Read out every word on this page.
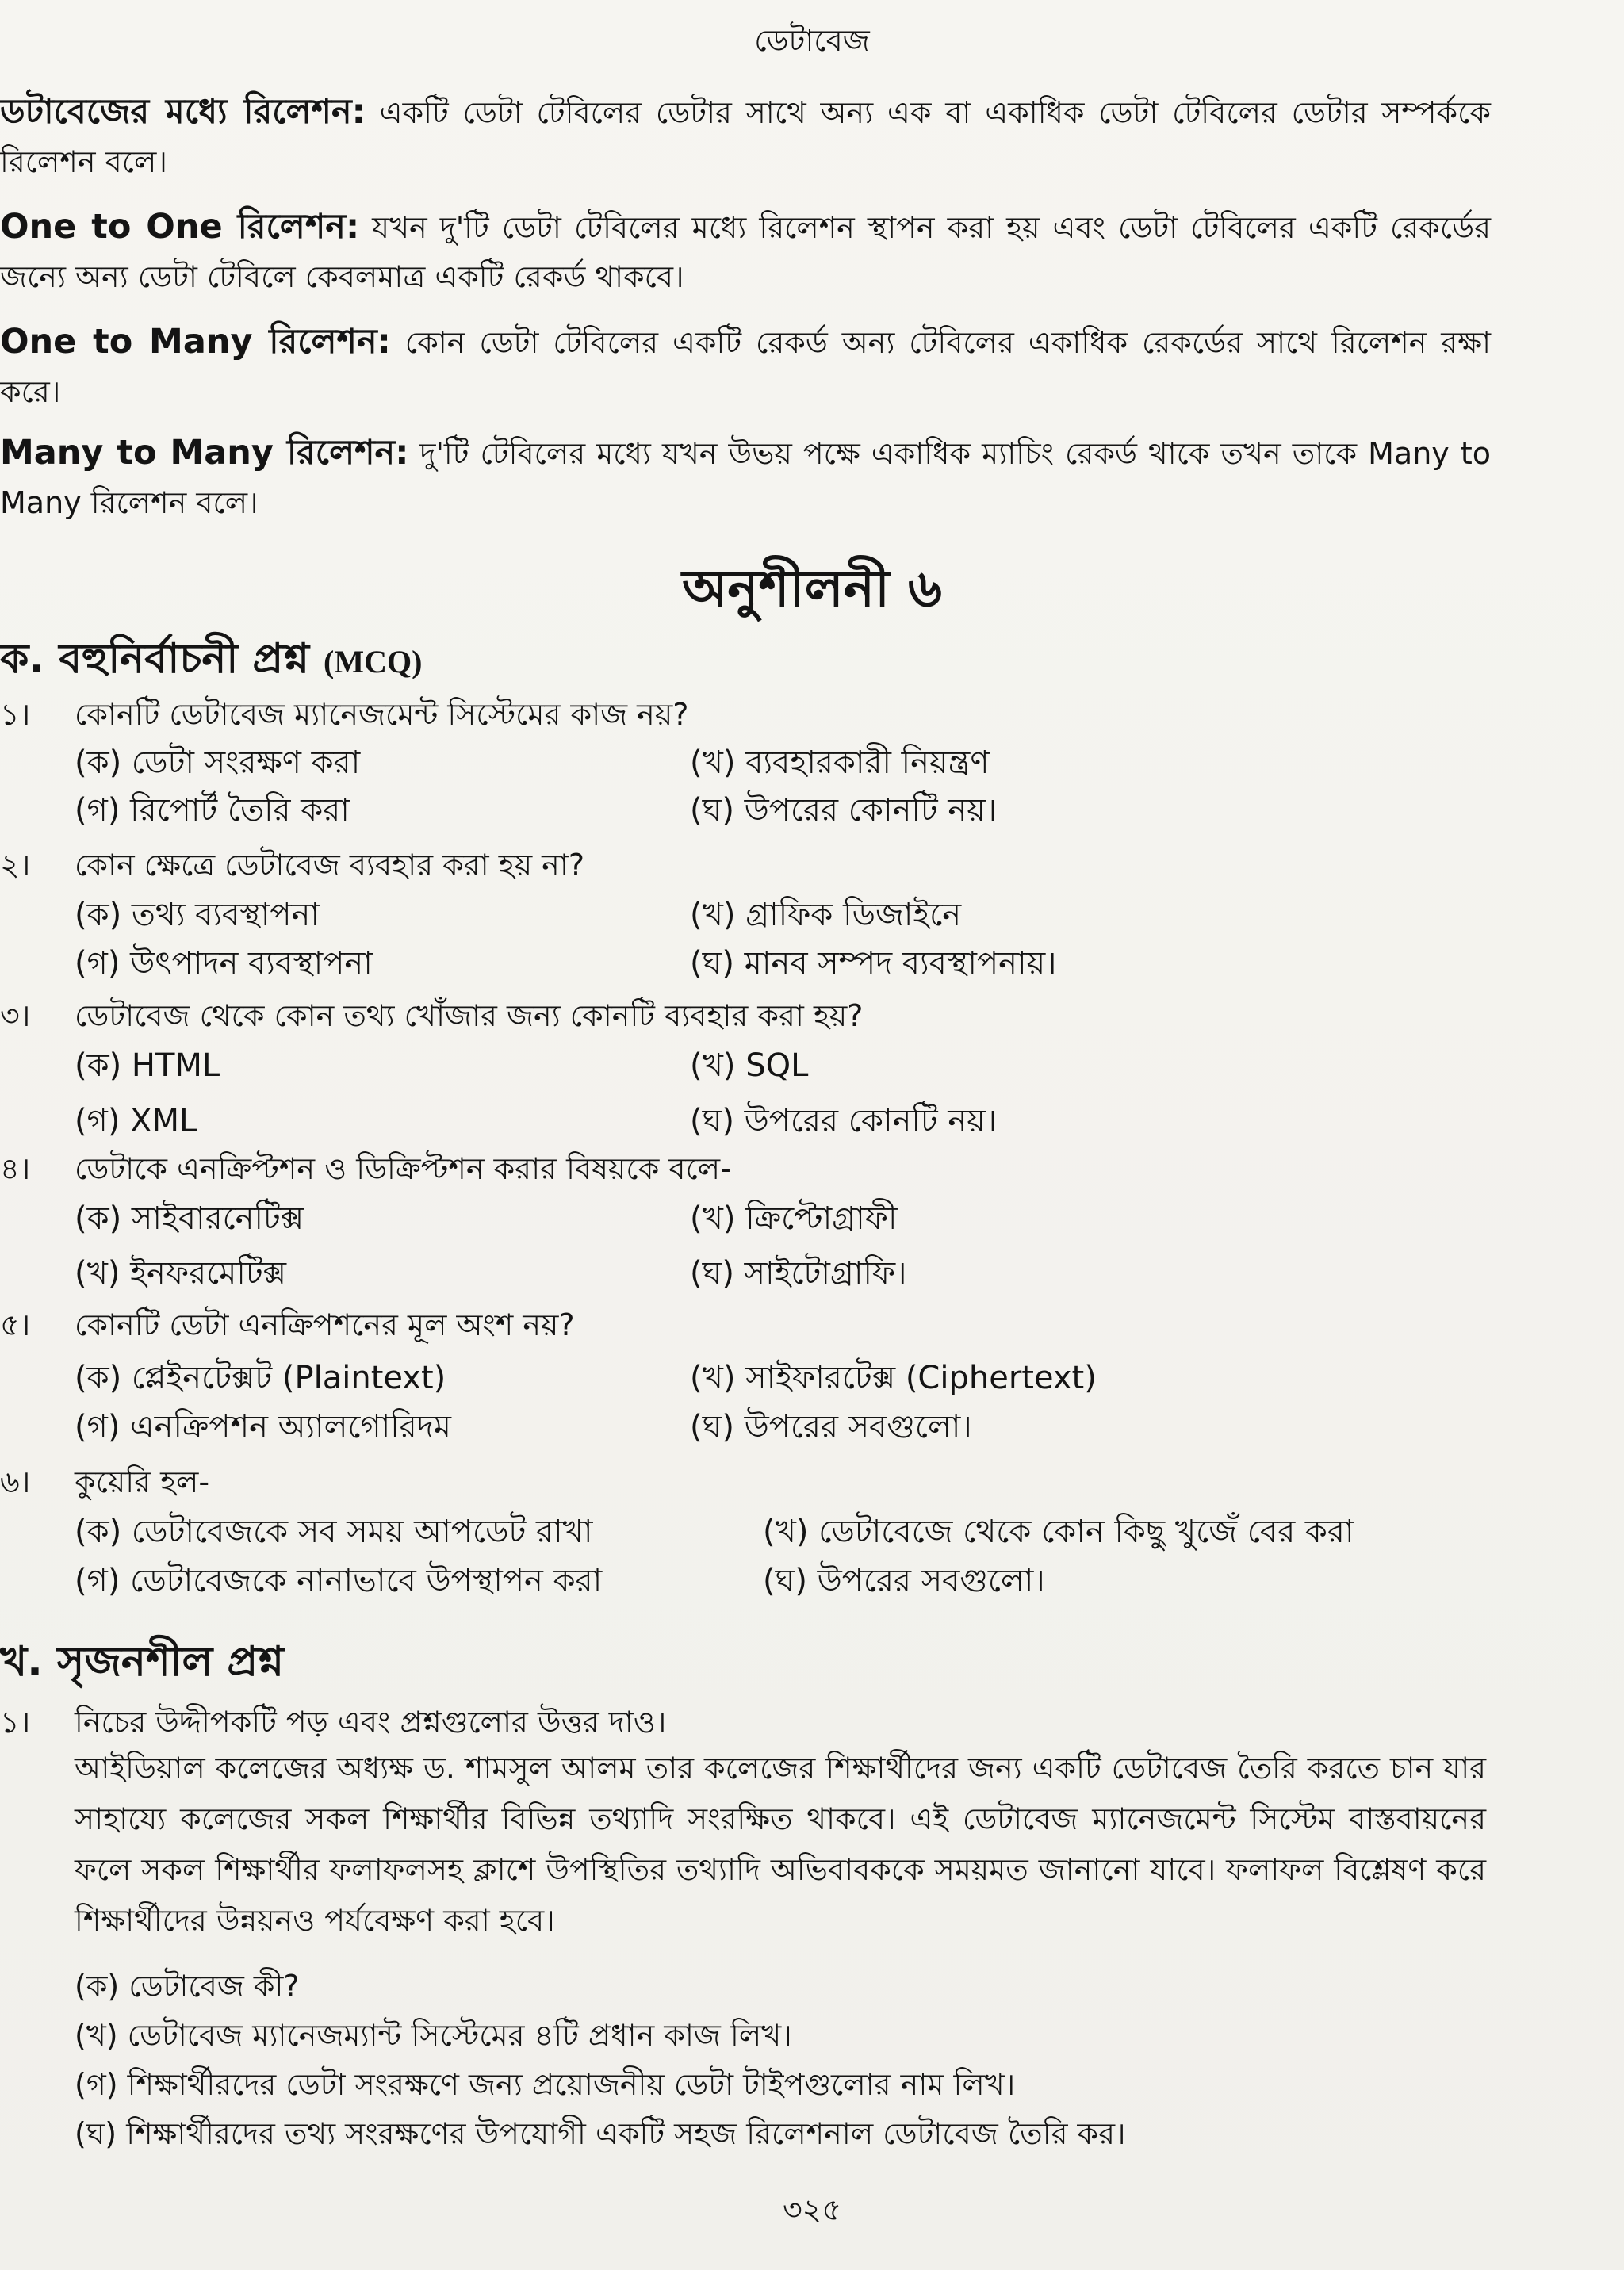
ডেটাবেজ
ডটাবেজের মধ্যে রিলেশন: একটি ডেটা টেবিলের ডেটার সাথে অন্য এক বা একাধিক ডেটা টেবিলের ডেটার সম্পর্ককে রিলেশন বলে।
One to One রিলেশন: যখন দু'টি ডেটা টেবিলের মধ্যে রিলেশন স্থাপন করা হয় এবং ডেটা টেবিলের একটি রেকর্ডের জন্যে অন্য ডেটা টেবিলে কেবলমাত্র একটি রেকর্ড থাকবে।
One to Many রিলেশন: কোন ডেটা টেবিলের একটি রেকর্ড অন্য টেবিলের একাধিক রেকর্ডের সাথে রিলেশন রক্ষা করে।
Many to Many রিলেশন: দু'টি টেবিলের মধ্যে যখন উভয় পক্ষে একাধিক ম্যাচিং রেকর্ড থাকে তখন তাকে Many to Many রিলেশন বলে।
অনুশীলনী ৬
ক. বহুনির্বাচনী প্রশ্ন (MCQ)
১। কোনটি ডেটাবেজ ম্যানেজমেন্ট সিস্টেমের কাজ নয়?
(ক) ডেটা সংরক্ষণ করা	(খ) ব্যবহারকারী নিয়ন্ত্রণ
(গ) রিপোর্ট তৈরি করা	(ঘ) উপরের কোনটি নয়।
২। কোন ক্ষেত্রে ডেটাবেজ ব্যবহার করা হয় না?
(ক) তথ্য ব্যবস্থাপনা	(খ) গ্রাফিক ডিজাইনে
(গ) উৎপাদন ব্যবস্থাপনা	(ঘ) মানব সম্পদ ব্যবস্থাপনায়।
৩। ডেটাবেজ থেকে কোন তথ্য খোঁজার জন্য কোনটি ব্যবহার করা হয়?
(ক) HTML	(খ) SQL
(গ) XML	(ঘ) উপরের কোনটি নয়।
৪। ডেটাকে এনক্রিপ্টশন ও ডিক্রিপ্টশন করার বিষয়কে বলে-
(ক) সাইবারনেটিক্স	(খ) ক্রিপ্টোগ্রাফী
(খ) ইনফরমেটিক্স	(ঘ) সাইটোগ্রাফি।
৫। কোনটি ডেটা এনক্রিপশনের মূল অংশ নয়?
(ক) প্লেইনটেক্সট (Plaintext)	(খ) সাইফারটেক্স (Ciphertext)
(গ) এনক্রিপশন অ্যালগোরিদম	(ঘ) উপরের সবগুলো।
৬। কুয়েরি হল-
(ক) ডেটাবেজকে সব সময় আপডেট রাখা	(খ) ডেটাবেজে থেকে কোন কিছু খুজেঁ বের করা
(গ) ডেটাবেজকে নানাভাবে উপস্থাপন করা	(ঘ) উপরের সবগুলো।
খ. সৃজনশীল প্রশ্ন
১। নিচের উদ্দীপকটি পড় এবং প্রশ্নগুলোর উত্তর দাও।
আইডিয়াল কলেজের অধ্যক্ষ ড. শামসুল আলম তার কলেজের শিক্ষার্থীদের জন্য একটি ডেটাবেজ তৈরি করতে চান যার সাহায্যে কলেজের সকল শিক্ষার্থীর বিভিন্ন তথ্যাদি সংরক্ষিত থাকবে। এই ডেটাবেজ ম্যানেজমেন্ট সিস্টেম বাস্তবায়নের ফলে সকল শিক্ষার্থীর ফলাফলসহ ক্লাশে উপস্থিতির তথ্যাদি অভিবাবককে সময়মত জানানো যাবে। ফলাফল বিশ্লেষণ করে শিক্ষার্থীদের উন্নয়নও পর্যবেক্ষণ করা হবে।
(ক) ডেটাবেজ কী?
(খ) ডেটাবেজ ম্যানেজম্যান্ট সিস্টেমের ৪টি প্রধান কাজ লিখ।
(গ) শিক্ষার্থীরদের ডেটা সংরক্ষণে জন্য প্রয়োজনীয় ডেটা টাইপগুলোর নাম লিখ।
(ঘ) শিক্ষার্থীরদের তথ্য সংরক্ষণের উপযোগী একটি সহজ রিলেশনাল ডেটাবেজ তৈরি কর।
৩২৫
